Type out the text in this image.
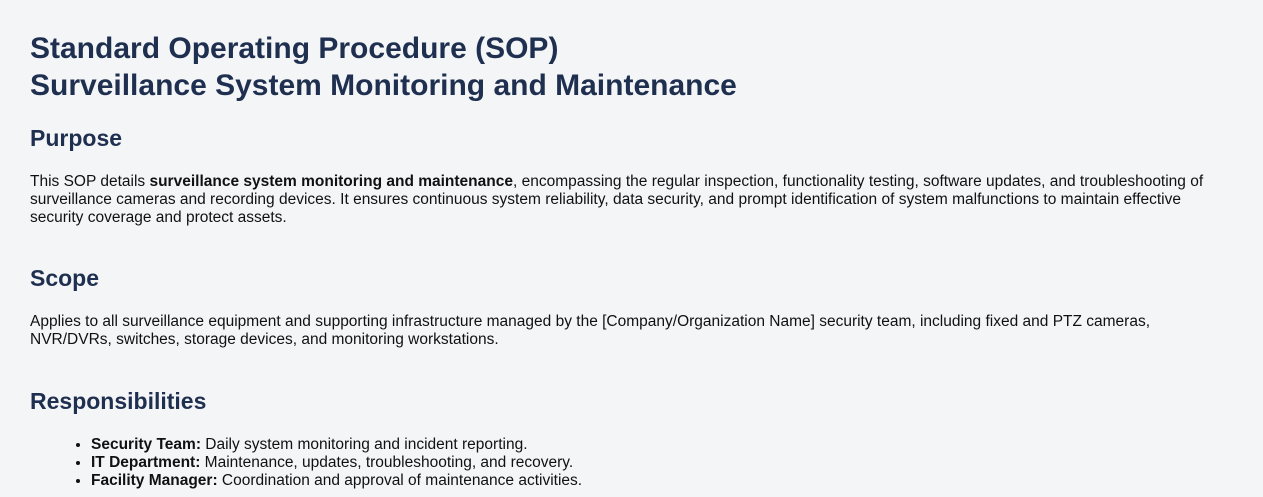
Standard Operating Procedure (SOP)
Surveillance System Monitoring and Maintenance
Purpose

This SOP details surveillance system monitoring and maintenance, encompassing the regular inspection, functionality testing, software updates, and troubleshooting of surveillance cameras and recording devices. It ensures continuous system reliability, data security, and prompt identification of system malfunctions to maintain effective security coverage and protect assets.

Scope

Applies to all surveillance equipment and supporting infrastructure managed by the [Company/Organization Name] security team, including fixed and PTZ cameras, NVR/DVRs, switches, storage devices, and monitoring workstations.

Responsibilities
• Security Team: Daily system monitoring and incident reporting.
• IT Department: Maintenance, updates, troubleshooting, and recovery.
• Facility Manager: Coordination and approval of maintenance activities.
